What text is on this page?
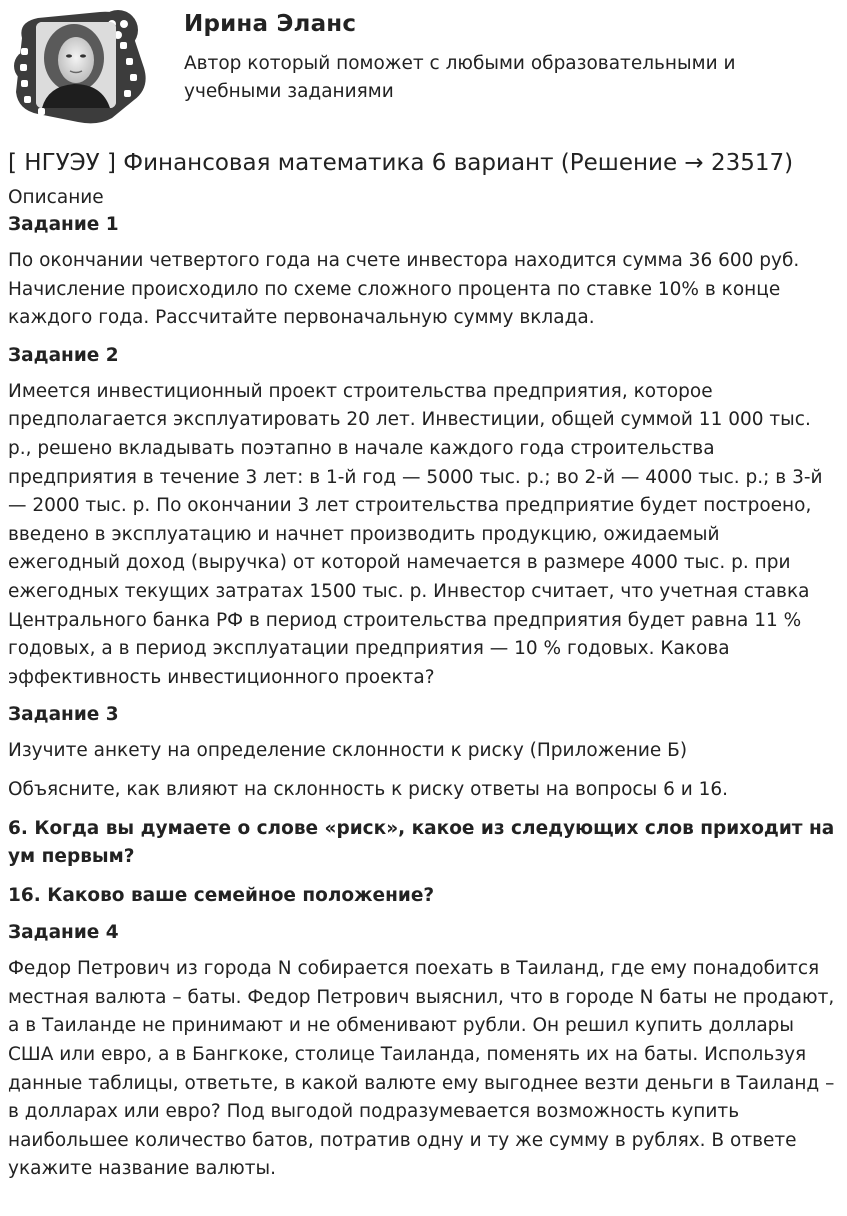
Ирина Эланс
Автор который поможет с любыми образовательными и учебными заданиями
[ НГУЭУ ] Финансовая математика 6 вариант (Решение → 23517)
Описание
Задание 1

По окончании четвертого года на счете инвестора находится сумма 36 600 руб. Начисление происходило по схеме сложного процента по ставке 10% в конце каждого года. Рассчитайте первоначальную сумму вклада.

Задание 2

Имеется инвестиционный проект строительства предприятия, которое предполагается эксплуатировать 20 лет. Инвестиции, общей суммой 11 000 тыс. р., решено вкладывать поэтапно в начале каждого года строительства предприятия в течение 3 лет: в 1-й год — 5000 тыс. р.; во 2-й — 4000 тыс. р.; в 3-й — 2000 тыс. р. По окончании 3 лет строительства предприятие будет построено, введено в эксплуатацию и начнет производить продукцию, ожидаемый ежегодный доход (выручка) от которой намечается в размере 4000 тыс. р. при ежегодных текущих затратах 1500 тыс. р. Инвестор считает, что учетная ставка Центрального банка РФ в период строительства предприятия будет равна 11 % годовых, а в период эксплуатации предприятия — 10 % годовых. Какова эффективность инвестиционного проекта?

Задание 3

Изучите анкету на определение склонности к риску (Приложение Б)

Объясните, как влияют на склонность к риску ответы на вопросы 6 и 16.

6. Когда вы думаете о слове «риск», какое из следующих слов приходит на ум первым?

16. Каково ваше семейное положение?

Задание 4

Федор Петрович из города N собирается поехать в Таиланд, где ему понадобится местная валюта – баты. Федор Петрович выяснил, что в городе N баты не продают, а в Таиланде не принимают и не обменивают рубли. Он решил купить доллары США или евро, а в Бангкоке, столице Таиланда, поменять их на баты. Используя данные таблицы, ответьте, в какой валюте ему выгоднее везти деньги в Таиланд – в долларах или евро? Под выгодой подразумевается возможность купить наибольшее количество батов, потратив одну и ту же сумму в рублях. В ответе укажите название валюты.
